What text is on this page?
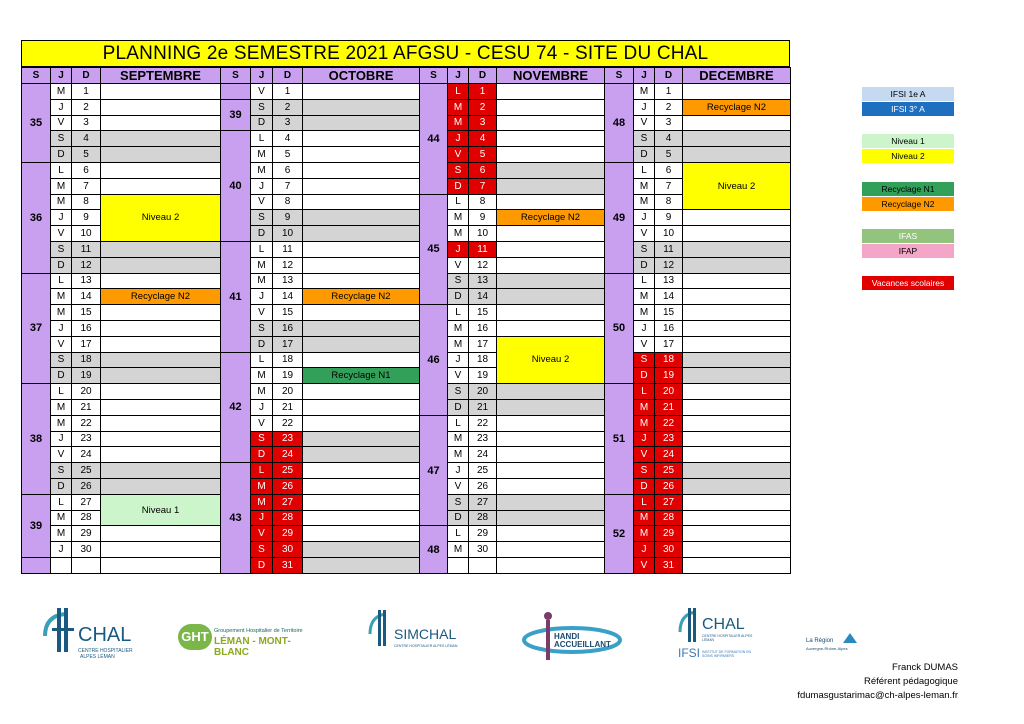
PLANNING 2e SEMESTRE 2021 AFGSU - CESU 74 - SITE DU CHAL
S	J	D	SEPTEMBRE
35	M	1	
	J	2	
	V	3	
	S	4	
	D	5	
36	L	6	
	M	7	
	M	8	Niveau 2
	J	9	
	V	10	
	S	11	
	D	12	
37	L	13	
	M	14	Recyclage N2
	M	15	
	J	16	
	V	17	
	S	18	
	D	19	
38	L	20	
	M	21	
	M	22	
	J	23	
	V	24	
	S	25	
	D	26	
39	L	27	Niveau 1
	M	28	
	M	29	
	J	30	

S	J	D	OCTOBRE
	V	1	
39	S	2	
	D	3	
40	L	4	
	M	5	
	M	6	
	J	7	
	V	8	
	S	9	
	D	10	
41	L	11	
	M	12	
	M	13	
	J	14	Recyclage N2
	V	15	
	S	16	
	D	17	
42	L	18	
	M	19	Recyclage N1
	M	20	
	J	21	
	V	22	
	S	23	
	D	24	
43	L	25	
	M	26	
	M	27	
	J	28	
	V	29	
	S	30	
	D	31	
S	J	D	NOVEMBRE
44	L	1	
	M	2	
	M	3	
	J	4	
	V	5	
	S	6	
	D	7	
45	L	8	
	M	9	Recyclage N2
	M	10	
	J	11	
	V	12	
	S	13	
	D	14	
46	L	15	
	M	16	
	M	17	Niveau 2
	J	18	
	V	19	
	S	20	
	D	21	
47	L	22	
	M	23	
	M	24	
	J	25	
	V	26	
	S	27	
	D	28	
48	L	29	
	M	30	

S	J	D	DECEMBRE
48	M	1	
	J	2	Recyclage N2
	V	3	
	S	4	
	D	5	
49	L	6	Niveau 2
	M	7	
	M	8	
	J	9	
	V	10	
	S	11	
	D	12	
50	L	13	
	M	14	
	M	15	
	J	16	
	V	17	
	S	18	
	D	19	
51	L	20	
	M	21	
	M	22	
	J	23	
	V	24	
	S	25	
	D	26	
52	L	27	
	M	28	
	M	29	
	J	30	
	V	31	
IFSI 1e A
IFSI 3° A
Niveau 1
Niveau 2
Recyclage N1
Recyclage N2
IFAS
IFAP
Vacances scolaires
CHAL
CENTRE HOSPITALIER
ALPES LÉMAN
GHT Groupement Hospitalier de Territoire
LÉMAN - MONT-BLANC
SIMCHAL
CENTRE HOSPITALIER ALPES LÉMAN
HANDI
ACCUEILLANT
CHAL
CENTRE HOSPITALIER ALPES LÉMAN
IFSI INSTITUT DE FORMATION EN SOINS INFIRMIERS
La Région
Auvergne-Rhône-Alpes
Franck DUMAS
Référent pédagogique
fdumasgustarimac@ch-alpes-leman.fr
